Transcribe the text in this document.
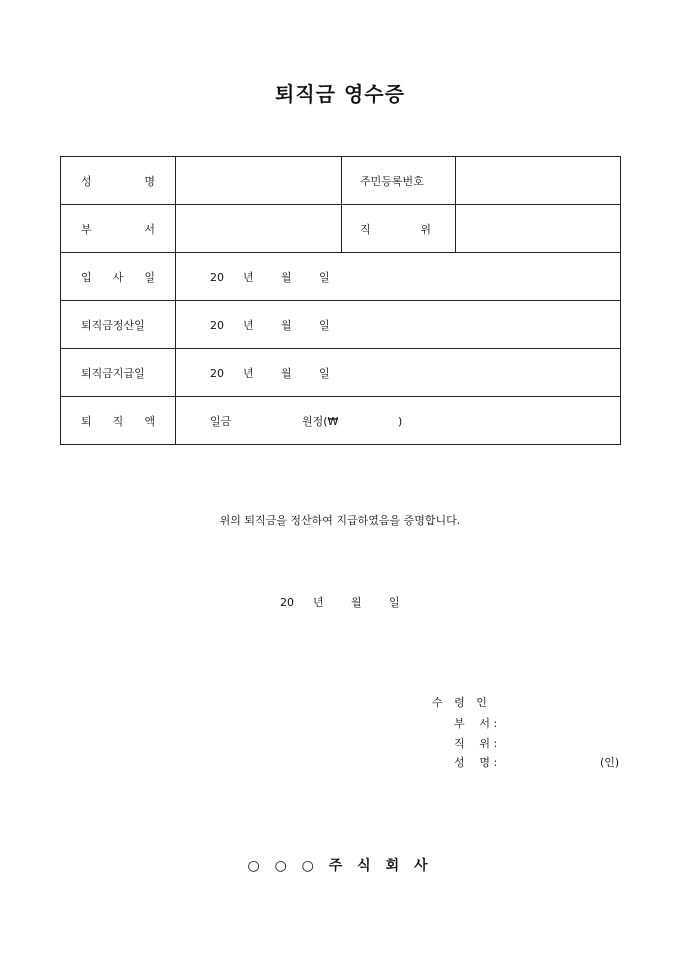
퇴직금 영수증
성 명		주민등록번호	

부 서		직 위	

입 사 일	20 년 월 일		
퇴직금정산일	20 년 월 일		
퇴직금지급일	20 년 월 일		

퇴 직 액	일금 원정(₩ )		
위의 퇴직금을 정산하여 지급하였음을 증명합니다.
20 년 월 일
수 령 인
부 서 :
직 위 :
성 명 :	(인)
○ ○ ○ 주 식 회 사
